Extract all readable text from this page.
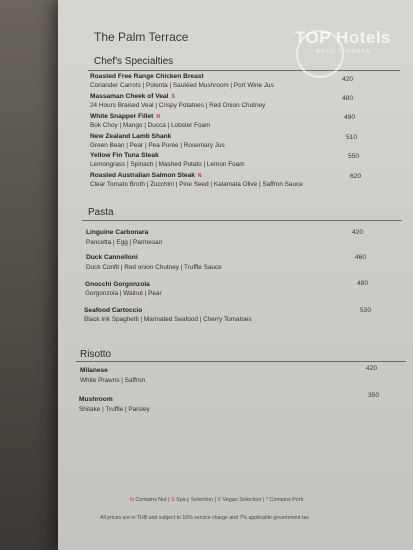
The Palm Terrace
Chef's Specialties
Roasted Free Range Chicken Breast
Coriander Carrots | Polenta | Sautéed Mushroom | Port Wine Jus
420
Massaman Cheek of Veal S
24 Hours Braised Veal | Crispy Potatoes | Red Onion Chutney
480
White Snapper Fillet N
Bok Choy | Mango | Ducca | Lobster Foam
490
New Zealand Lamb Shank
Green Bean | Pear | Pea Purée | Rosemary Jus
510
Yellow Fin Tuna Steak
Lemongrass | Spinach | Mashed Potato | Lemon Foam
550
Roasted Australian Salmon Steak N
Clear Tomato Broth | Zucchini | Pine Seed | Kalamata Olive | Saffron Sauce
620
Pasta
Linguine Carbonara
Pancetta | Egg | Parmesan
420
Duck Cannelloni
Duck Confit | Red onion Chutney | Truffle Sauce
460
Gnocchi Gorgonzola
Gorgonzola | Walnut | Pear
480
Seafood Cartoccio
Black Ink Spaghetti | Marinated Seafood | Cherry Tomatoes
530
Risotto
Milanese
White Prawns | Saffron
420
Mushroom
Shitake | Truffle | Parsley
350
N Contains Nut | S Spicy Selection | V Vegan Selection | * Contains Pork
All prices are in THB and subject to 10% service charge and 7% applicable government tax
TOP Hotels
ФОТО ТУРИСТА
